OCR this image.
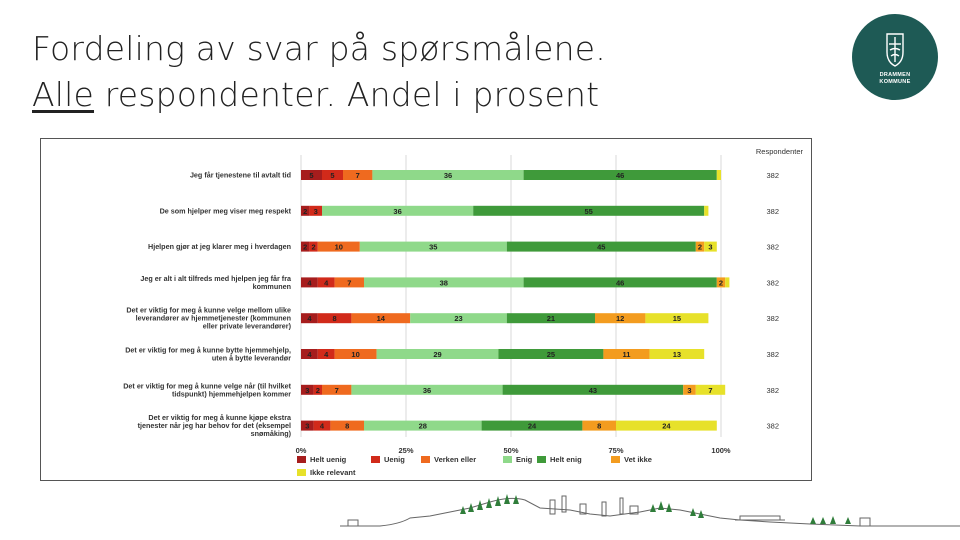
Fordeling av svar på spørsmålene.
Alle respondenter. Andel i prosent	DRAMMEN
KOMMUNE
Respondenter
Jeg får tjenestene til avtalt tid 5 5	7	36	46	382
De som hjelper meg viser meg respekt 2 3	36	55	382
Hjelpen gjør at jeg klarer meg i hverdagen 2 2	10	35	45	2 3	382
Jeg er alt i alt tilfreds med hjelpen jeg får fra
kommunen 4 4	7	38	46	2	382
Det er viktig for meg å kunne velge mellom ulike
leverandører av hjemmetjenester (kommunen
eller private leverandører)
4	8	14	23	21	12	15	382
Det er viktig for meg å kunne bytte hjemmehjelp,
uten å bytte leverandør 4 4	10	29	25	11	13	382
Det er viktig for meg å kunne velge når (til hvilket
tidspunkt) hjemmehjelpen kommer 3 2 7	36	43	3 7	382
Det er viktig for meg å kunne kjøpe ekstra
tjenester når jeg har behov for det (eksempel
snømåking)
3 4	8	28	24	8	24	382
0%	25%	50%	75%	100%
Helt uenig	Uenig	Verken eller	Enig Helt enig	Vet ikke
Ikke relevant
